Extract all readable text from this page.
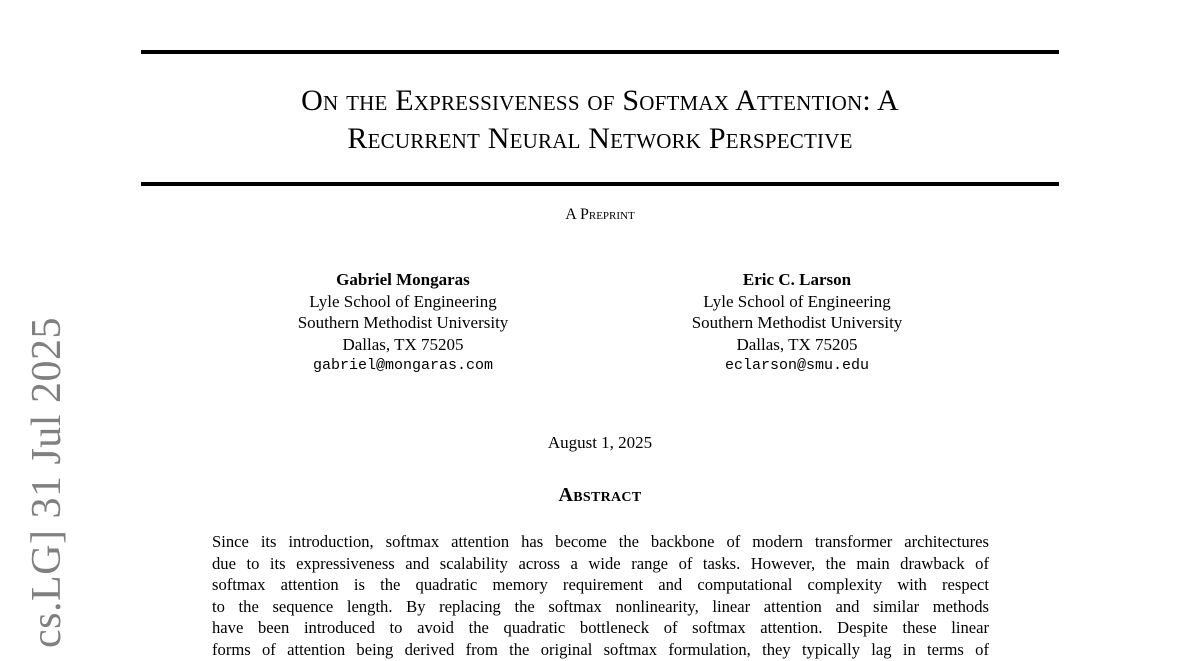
On the Expressiveness of Softmax Attention: A
Recurrent Neural Network Perspective
A Preprint
Gabriel Mongaras
Lyle School of Engineering
Southern Methodist University
Dallas, TX 75205
gabriel@mongaras.com
Eric C. Larson
Lyle School of Engineering
Southern Methodist University
Dallas, TX 75205
eclarson@smu.edu
August 1, 2025
Abstract
Since its introduction, softmax attention has become the backbone of modern transformer architectures
due to its expressiveness and scalability across a wide range of tasks. However, the main drawback of
softmax attention is the quadratic memory requirement and computational complexity with respect
to the sequence length. By replacing the softmax nonlinearity, linear attention and similar methods
have been introduced to avoid the quadratic bottleneck of softmax attention. Despite these linear
forms of attention being derived from the original softmax formulation, they typically lag in terms of
cs.LG] 31 Jul 2025
